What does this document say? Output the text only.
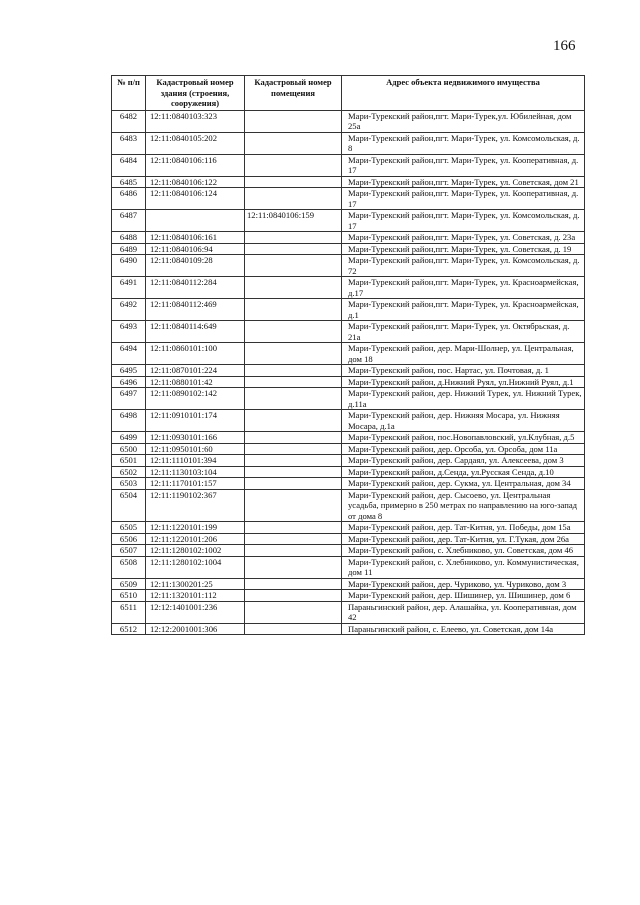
166
№ п/п	Кадастровый номер здания (строения, сооружения)	Кадастровый номер помещения	Адрес объекта недвижимого имущества
6482	12:11:0840103:323		Мари-Турекский район,пгт. Мари-Турек,ул. Юбилейная, дом 25а
6483	12:11:0840105:202		Мари-Турекский район,пгт. Мари-Турек, ул. Комсомольская, д. 8
6484	12:11:0840106:116		Мари-Турекский район,пгт. Мари-Турек, ул. Кооперативная, д. 17
6485	12:11:0840106:122		Мари-Турекский район,пгт. Мари-Турек, ул. Советская, дом 21
6486	12:11:0840106:124		Мари-Турекский район,пгт. Мари-Турек, ул. Кооперативная, д. 17
6487		12:11:0840106:159	Мари-Турекский район,пгт. Мари-Турек, ул. Комсомольская, д. 17
6488	12:11:0840106:161		Мари-Турекский район,пгт. Мари-Турек, ул. Советская, д. 23а
6489	12:11:0840106:94		Мари-Турекский район,пгт. Мари-Турек, ул. Советская, д. 19
6490	12:11:0840109:28		Мари-Турекский район,пгт. Мари-Турек, ул. Комсомольская, д. 72
6491	12:11:0840112:284		Мари-Турекский район,пгт. Мари-Турек, ул. Красноармейская, д.17
6492	12:11:0840112:469		Мари-Турекский район,пгт. Мари-Турек, ул. Красноармейская, д.1
6493	12:11:0840114:649		Мари-Турекский район,пгт. Мари-Турек, ул. Октябрьская, д. 21а
6494	12:11:0860101:100		Мари-Турекский район, дер. Мари-Шолнер, ул. Центральная, дом 18
6495	12:11:0870101:224		Мари-Турекский район, пос. Нартас, ул. Почтовая, д. 1
6496	12:11:0880101:42		Мари-Турекский район, д.Нижний Руял, ул.Нижний Руял, д.1
6497	12:11:0890102:142		Мари-Турекский район, дер. Нижний Турек, ул. Нижний Турек, д.11а
6498	12:11:0910101:174		Мари-Турекский район, дер. Нижняя Мосара, ул. Нижняя Мосара, д.1а
6499	12:11:0930101:166		Мари-Турекский район, пос.Новопавловский, ул.Клубная, д.5
6500	12:11:0950101:60		Мари-Турекский район, дер. Орсоба, ул. Орсоба, дом 11а
6501	12:11:1110101:394		Мари-Турекский район, дер. Сардаял, ул. Алексеева, дом 3
6502	12:11:1130103:104		Мари-Турекский район, д.Сенда, ул.Русская Сенда, д.10
6503	12:11:1170101:157		Мари-Турекский район, дер. Сукма, ул. Центральная, дом 34
6504	12:11:1190102:367		Мари-Турекский район, дер. Сысоево, ул. Центральная усадьба, примерно в 250 метрах по направлению на юго-запад от дома 8
6505	12:11:1220101:199		Мари-Турекский район, дер. Тат-Китня, ул. Победы, дом 15а
6506	12:11:1220101:206		Мари-Турекский район, дер. Тат-Китня, ул. Г.Тукая, дом 26а
6507	12:11:1280102:1002		Мари-Турекский район, с. Хлебниково, ул. Советская, дом 46
6508	12:11:1280102:1004		Мари-Турекский район, с. Хлебниково, ул. Коммунистическая, дом 11
6509	12:11:1300201:25		Мари-Турекский район, дер. Чуриково, ул. Чуриково, дом 3
6510	12:11:1320101:112		Мари-Турекский район, дер. Шишинер, ул. Шишинер, дом 6
6511	12:12:1401001:236		Параньгинский район, дер. Алашайка, ул. Кооперативная, дом 42
6512	12:12:2001001:306		Параньгинский район, с. Елеево, ул. Советская, дом 14а
